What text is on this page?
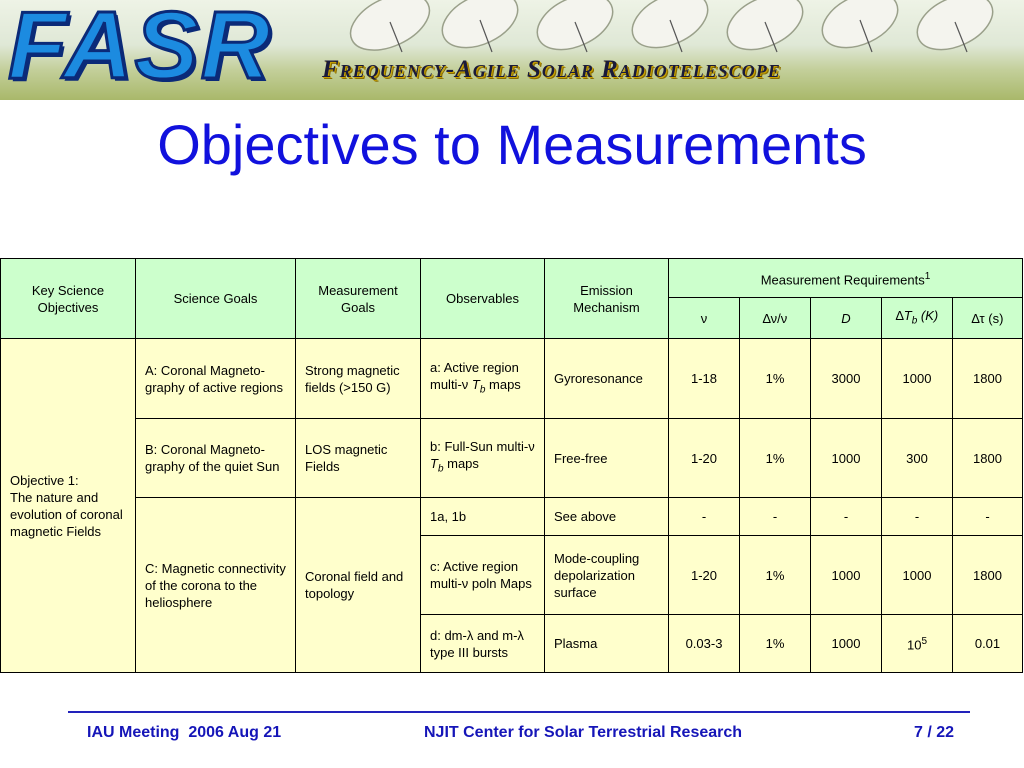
FASR Frequency-Agile Solar Radiotelescope
Objectives to Measurements
Key Science Objectives	Science Goals	Measurement Goals	Observables	Emission Mechanism	Measurement Requirements$^1$
					ν	∆ν/ν	D	$\Delta T_b$ (K)	∆τ (s)

Objective 1:
The nature and evolution of coronal magnetic Fields	A: Coronal Magneto-graphy of active regions	Strong magnetic fields (>150 G)	a: Active region multi-ν $T_b$ maps	Gyroresonance	1-18	1%	3000	1000	1800
	B: Coronal Magneto-graphy of the quiet Sun	LOS magnetic Fields	b: Full-Sun multi-ν $T_b$ maps	Free-free	1-20	1%	1000	300	1800
	C: Magnetic connectivity of the corona to the heliosphere	Coronal field and topology	1a, 1b	See above	-	-	-	-	-
			c: Active region multi-ν poln Maps	Mode-coupling depolarization surface	1-20	1%	1000	1000	1800
			d: dm-λ and m-λ type III bursts	Plasma	0.03-3	1%	1000	$10^5$	0.01
IAU Meeting  2006 Aug 21	NJIT Center for Solar Terrestrial Research	7 / 22
